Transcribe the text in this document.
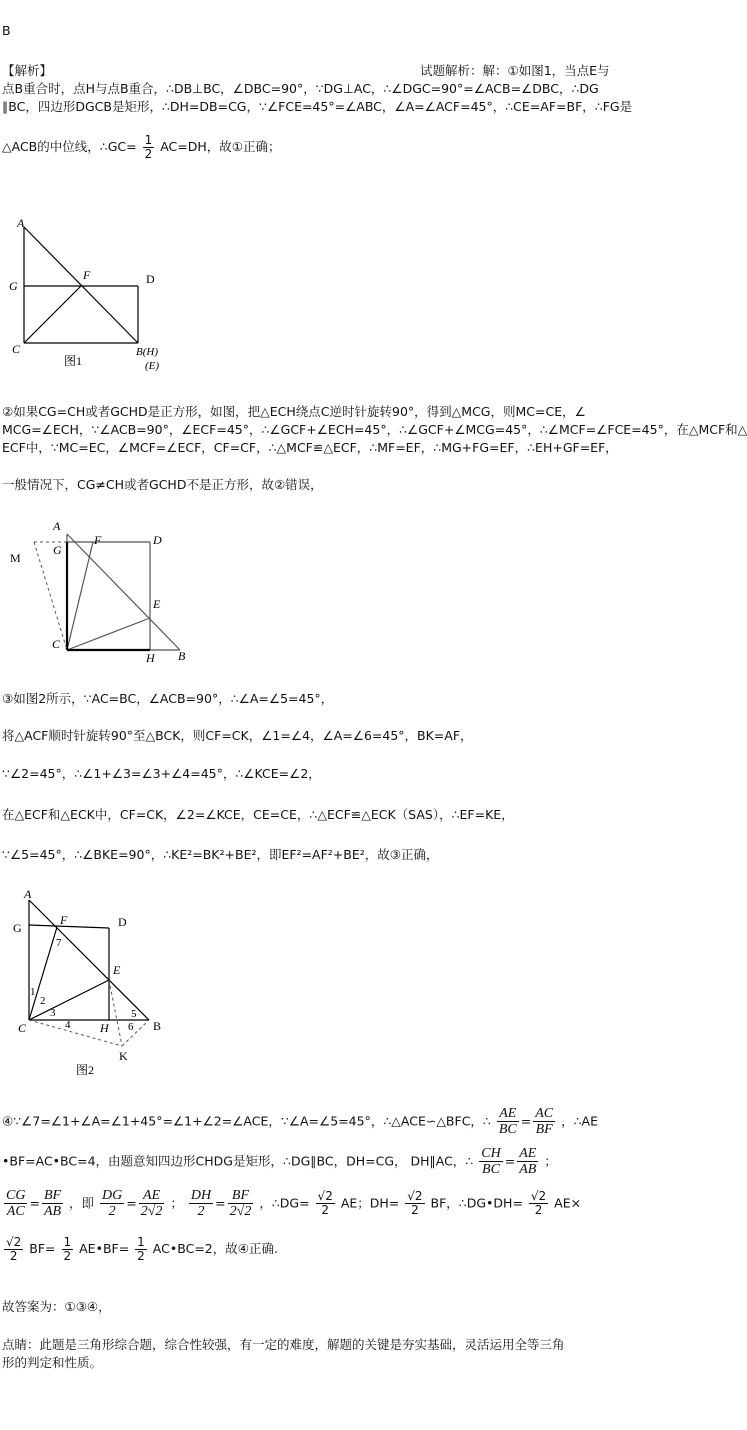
B
【解析】	试题解析：解：①如图1，当点E与
点B重合时，点H与点B重合，∴DB⊥BC，∠DBC=90°，∵DG⊥AC，∴∠DGC=90°=∠ACB=∠DBC，∴DG
∥BC，四边形DGCB是矩形，∴DH=DB=CG，∵∠FCE=45°=∠ABC，∠A=∠ACF=45°，∴CE=AF=BF，∴FG是
△ACB的中位线，∴GC= $\frac{1}{2} AC=DH$，故①正确；
A
G
F	D
C	B(H)
(E)
图1
②如果CG=CH或者GCHD是正方形，如图，把△ECH绕点C逆时针旋转90°，得到△MCG，则MC=CE，∠
MCG=∠ECH，∵∠ACB=90°，∠ECF=45°，∴∠GCF+∠ECH=45°，∴∠GCF+∠MCG=45°，∴∠MCF=∠FCE=45°，在△MCF和△
ECF中，∵MC=EC，∠MCF=∠ECF，CF=CF，∴△MCF≌△ECF，∴MF=EF，∴MG+FG=EF，∴EH+GF=EF，
一般情况下，CG≠CH或者GCHD不是正方形，故②错误，
A
G
F	D
M
E
C
H B
③如图2所示，∵AC=BC，∠ACB=90°，∴∠A=∠5=45°，
将△ACF顺时针旋转90°至△BCK，则CF=CK，∠1=∠4，∠A=∠6=45°，BK=AF，
∵∠2=45°，∴∠1+∠3=∠3+∠4=45°，∴∠KCE=∠2，
在△ECF和△ECK中，CF=CK，∠2=∠KCE，CE=CE，∴△ECF≌△ECK（SAS），∴EF=KE，
∵∠5=45°，∴∠BKE=90°，∴KE²=BK²+BE²，即EF²=AF²+BE²，故③正确，
A
F	D
G
7
E
1
2
3
4
C	H
5
6 B
K
图2
④∵∠7=∠1+∠A=∠1+45°=∠1+∠2=∠ACE，∵∠A=∠5=45°，∴△ACE∽△BFC，∴ $\frac{AE}{BC} = \frac{AC}{BF}$ ，∴AE
•BF=AC•BC=4，由题意知四边形CHDG是矩形，∴DG∥BC，DH=CG， DH∥AC，∴ $\frac{CH}{BC} = \frac{AE}{AB}$ ；
$\frac{CG}{AC} = \frac{BF}{AB}$ ，即 $\frac{DG}{2} = \frac{AE}{2√2}$ ； $\frac{DH}{2} = \frac{BF}{2√2}$ ，∴DG= $\frac{√2}{2}$ AE；$DH= \frac{√2}{2}$ BF，∴DG•DH= $\frac{√2}{2} AE\times$
$\frac{√2}{2} BF= \frac{1}{2}$ AE•BF= $\frac{1}{2}$ AC•BC=2，故④正确.
故答案为：①③④，
点睛：此题是三角形综合题，综合性较强，有一定的难度，解题的关键是夯实基础，灵活运用全等三角
形的判定和性质。
